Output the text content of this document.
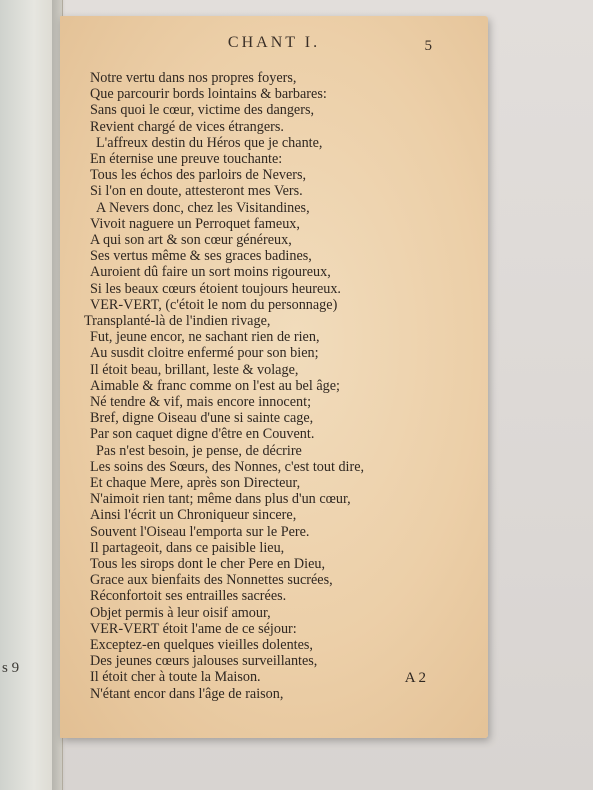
s 9
CHANT I.	5
Notre vertu dans nos propres foyers,
Que parcourir bords lointains & barbares:
Sans quoi le cœur, victime des dangers,
Revient chargé de vices étrangers.
L'affreux destin du Héros que je chante,
En éternise une preuve touchante:
Tous les échos des parloirs de Nevers,
Si l'on en doute, attesteront mes Vers.
A Nevers donc, chez les Visitandines,
Vivoit naguere un Perroquet fameux,
A qui son art & son cœur généreux,
Ses vertus même & ses graces badines,
Auroient dû faire un sort moins rigoureux,
Si les beaux cœurs étoient toujours heureux.
VER-VERT, (c'étoit le nom du personnage)
Transplanté-là de l'indien rivage,
Fut, jeune encor, ne sachant rien de rien,
Au susdit cloitre enfermé pour son bien;
Il étoit beau, brillant, leste & volage,
Aimable & franc comme on l'est au bel âge;
Né tendre & vif, mais encore innocent;
Bref, digne Oiseau d'une si sainte cage,
Par son caquet digne d'être en Couvent.
Pas n'est besoin, je pense, de décrire
Les soins des Sœurs, des Nonnes, c'est tout dire,
Et chaque Mere, après son Directeur,
N'aimoit rien tant; même dans plus d'un cœur,
Ainsi l'écrit un Chroniqueur sincere,
Souvent l'Oiseau l'emporta sur le Pere.
Il partageoit, dans ce paisible lieu,
Tous les sirops dont le cher Pere en Dieu,
Grace aux bienfaits des Nonnettes sucrées,
Réconfortoit ses entrailles sacrées.
Objet permis à leur oisif amour,
VER-VERT étoit l'ame de ce séjour:
Exceptez-en quelques vieilles dolentes,
Des jeunes cœurs jalouses surveillantes,
Il étoit cher à toute la Maison.
N'étant encor dans l'âge de raison,
A 2
